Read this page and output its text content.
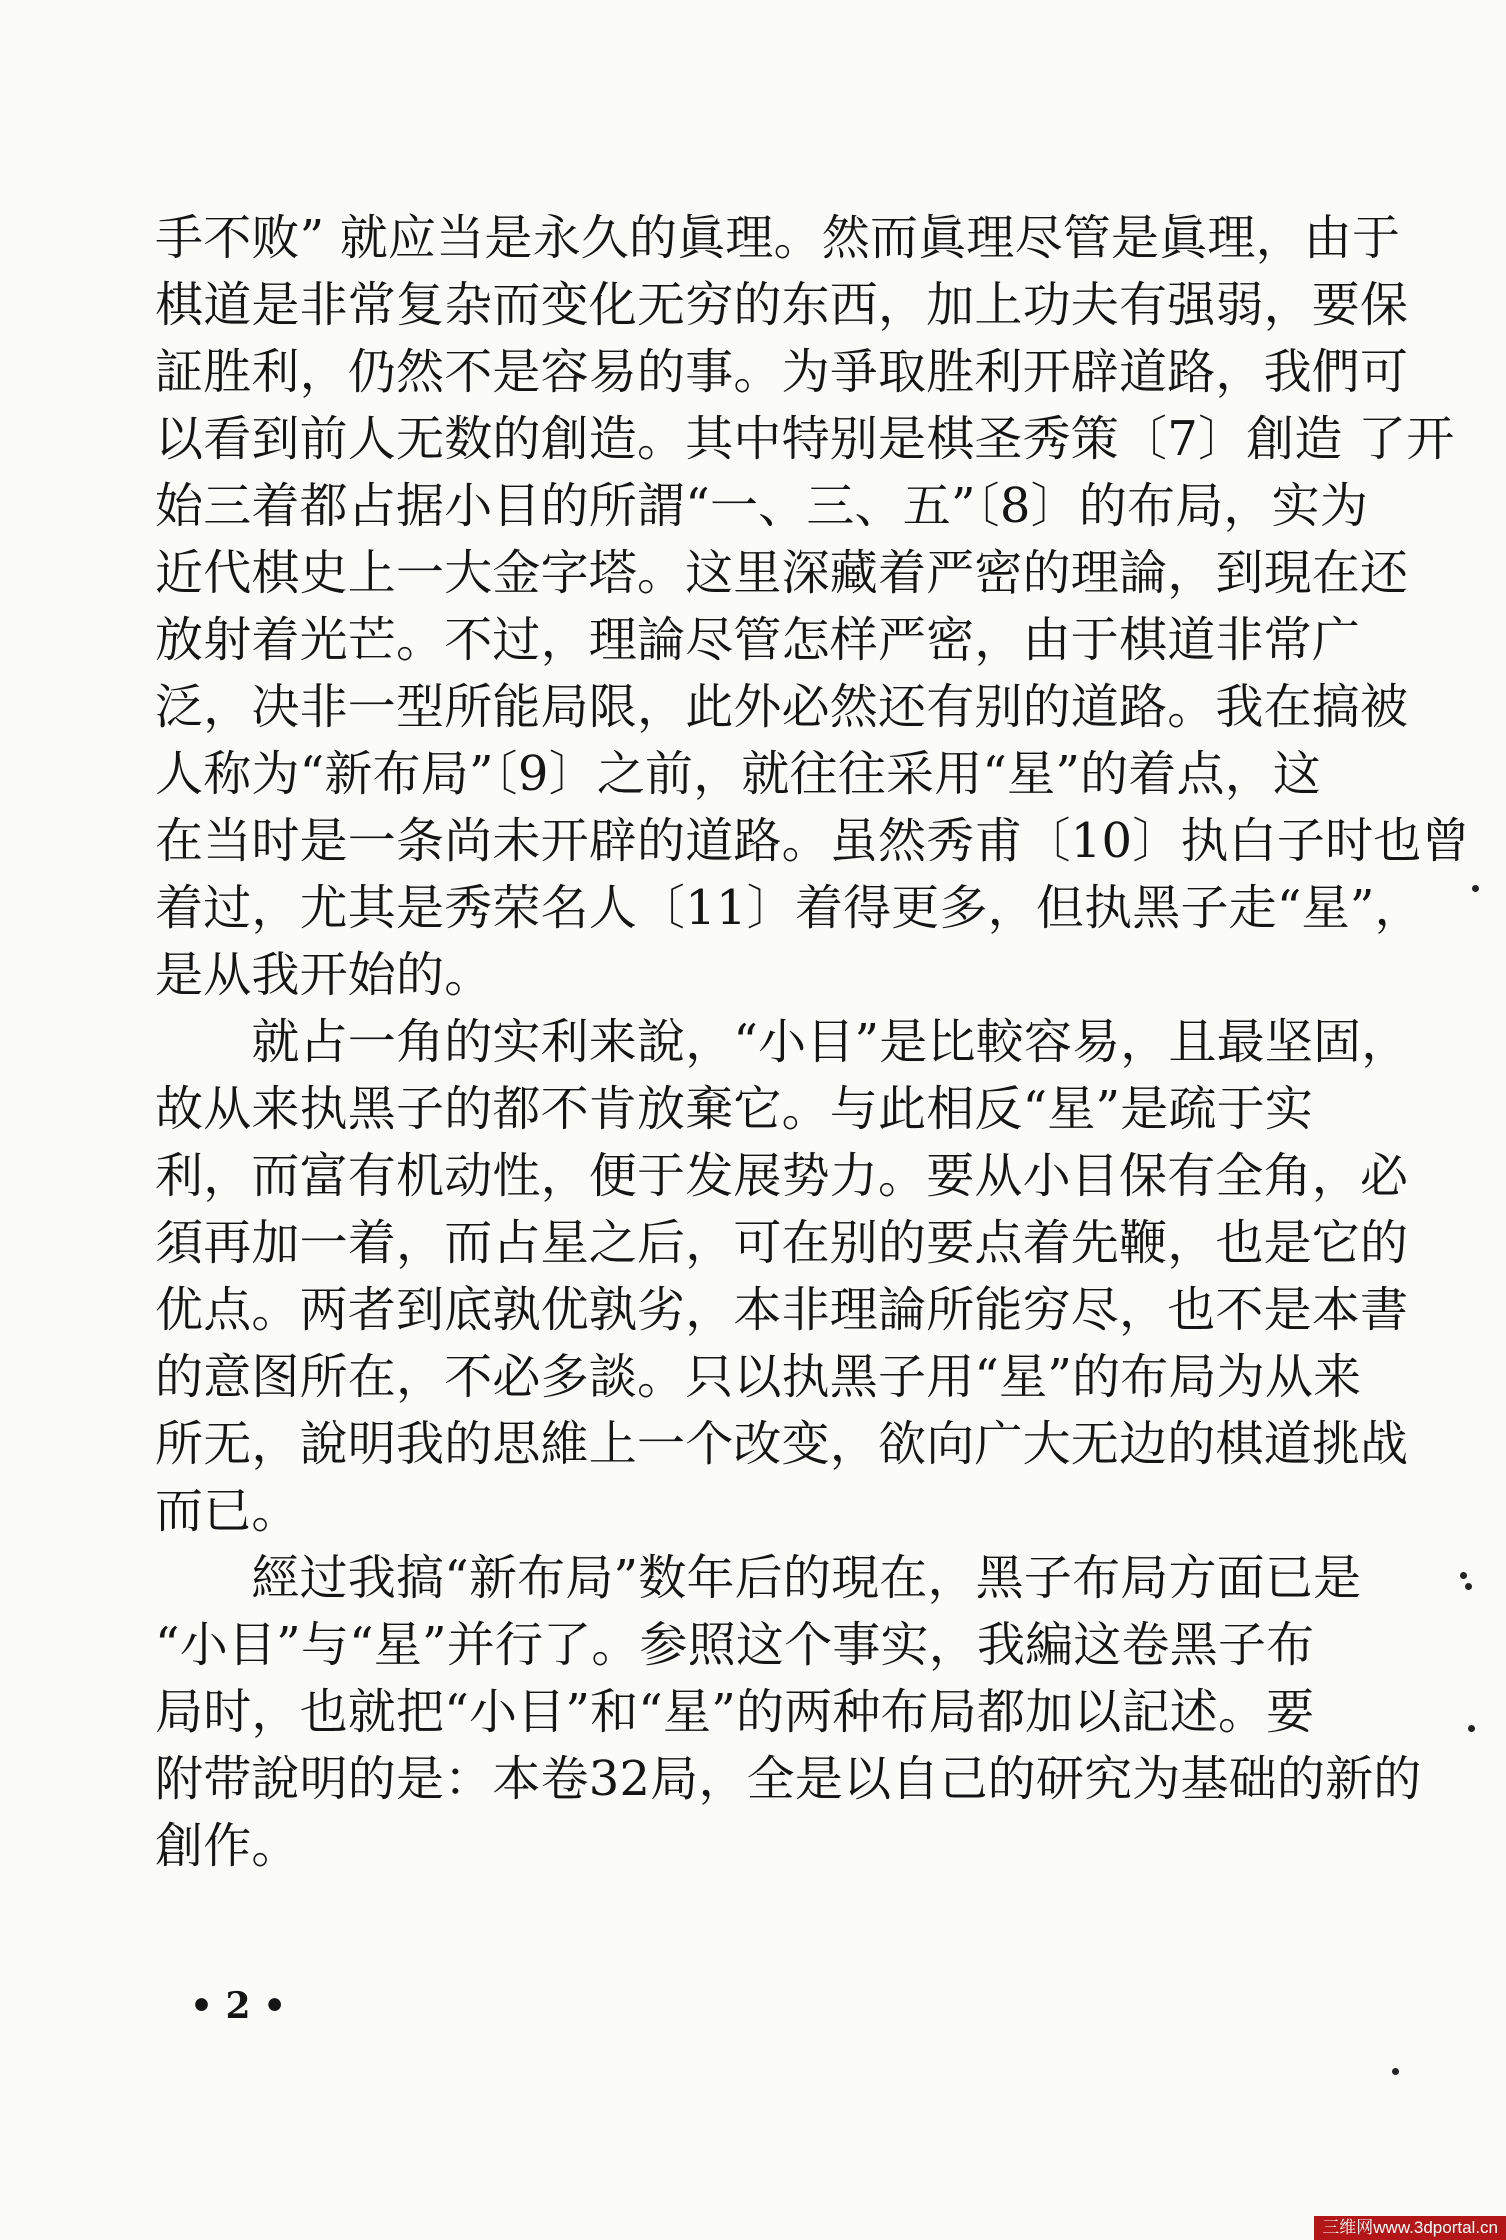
手不败” 就应当是永久的眞理。然而眞理尽管是眞理，由于
棋道是非常复杂而变化无穷的东西，加上功夫有强弱，要保
証胜利，仍然不是容易的事。为爭取胜利开辟道路，我們可
以看到前人无数的創造。其中特别是棋圣秀策〔7〕創造 了开
始三着都占据小目的所謂“一、三、五”〔8〕的布局，实为
近代棋史上一大金字塔。这里深藏着严密的理論，到現在还
放射着光芒。不过，理論尽管怎样严密，由于棋道非常广
泛，决非一型所能局限，此外必然还有别的道路。我在搞被
人称为“新布局”〔9〕之前，就往往采用“星”的着点，这
在当时是一条尚未开辟的道路。虽然秀甫〔10〕执白子时也曾
着过，尤其是秀荣名人〔11〕着得更多，但执黑子走“星”，
是从我开始的。
　　就占一角的实利来說，“小目”是比較容易，且最坚固，
故从来执黑子的都不肯放棄它。与此相反“星”是疏于实
利，而富有机动性，便于发展势力。要从小目保有全角，必
須再加一着，而占星之后，可在别的要点着先鞭，也是它的
优点。两者到底孰优孰劣，本非理論所能穷尽，也不是本書
的意图所在，不必多談。只以执黑子用“星”的布局为从来
所无，說明我的思維上一个改变，欲向广大无边的棋道挑战
而已。
　　經过我搞“新布局”数年后的現在，黑子布局方面已是
“小目”与“星”并行了。参照这个事实，我編这卷黑子布
局时，也就把“小目”和“星”的两种布局都加以記述。要
附带說明的是：本卷32局，全是以自己的研究为基础的新的
創作。
• 2 •
三维网www.3dportal.cn
